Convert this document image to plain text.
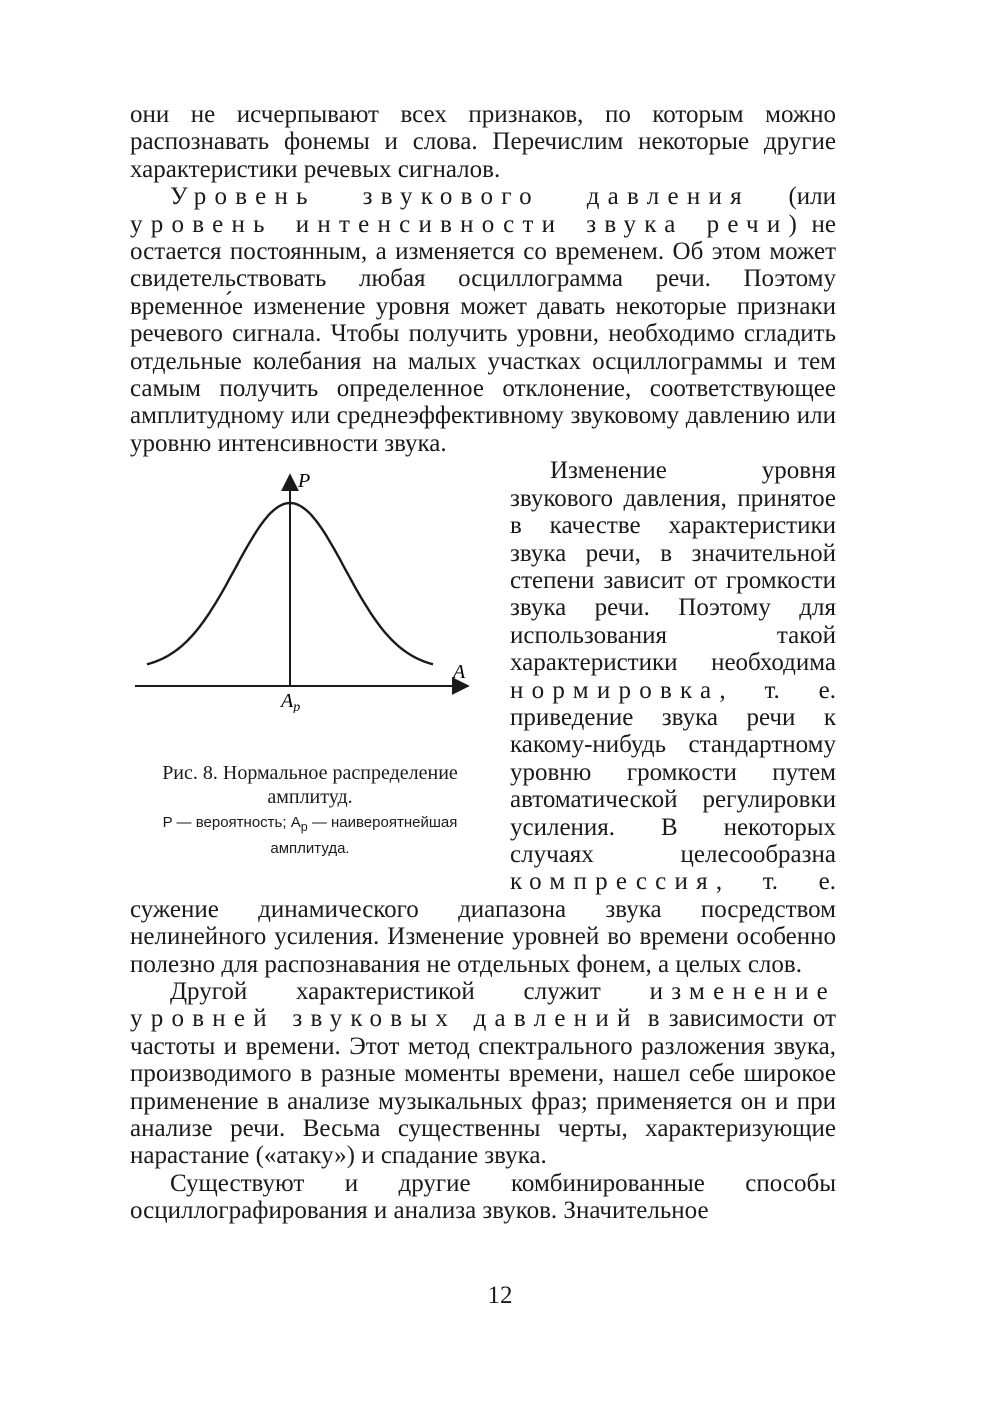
они не исчерпывают всех признаков, по которым можно распознавать фонемы и слова. Перечислим некоторые другие характеристики речевых сигналов.

Уровень звукового давления (или уровень интенсивности звука речи) не остается постоянным, а изменяется со временем. Об этом может свидетельствовать любая осциллограмма речи. Поэтому временно́е изменение уровня может давать некоторые признаки речевого сигнала. Чтобы получить уровни, необходимо сгладить отдельные колебания на малых участках осциллограммы и тем самым получить определенное отклонение, соответствующее амплитудному или среднеэффективному звуковому давлению или уровню интенсивности звука.

P
A
$A_p$
Рис. 8. Нормальное распределение амплитуд.
P — вероятность; $A_p$ — наивероятнейшая амплитуда.

Изменение уровня звукового давления, принятое в качестве характеристики звука речи, в значительной степени зависит от громкости звука речи. Поэтому для использования такой характеристики необходима нормировка, т. е. приведение звука речи к какому-нибудь стандартному уровню громкости путем автоматической регулировки усиления. В некоторых случаях целесообразна компрессия, т. е. сужение динамического диапазона звука посредством нелинейного усиления. Изменение уровней во времени особенно полезно для распознавания не отдельных фонем, а целых слов.

Другой характеристикой служит изменение уровней звуковых давлений в зависимости от частоты и времени. Этот метод спектрального разложения звука, производимого в разные моменты времени, нашел себе широкое применение в анализе музыкальных фраз; применяется он и при анализе речи. Весьма существенны черты, характеризующие нарастание («атаку») и спадание звука.

Существуют и другие комбинированные способы осциллографирования и анализа звуков. Значительное

12
